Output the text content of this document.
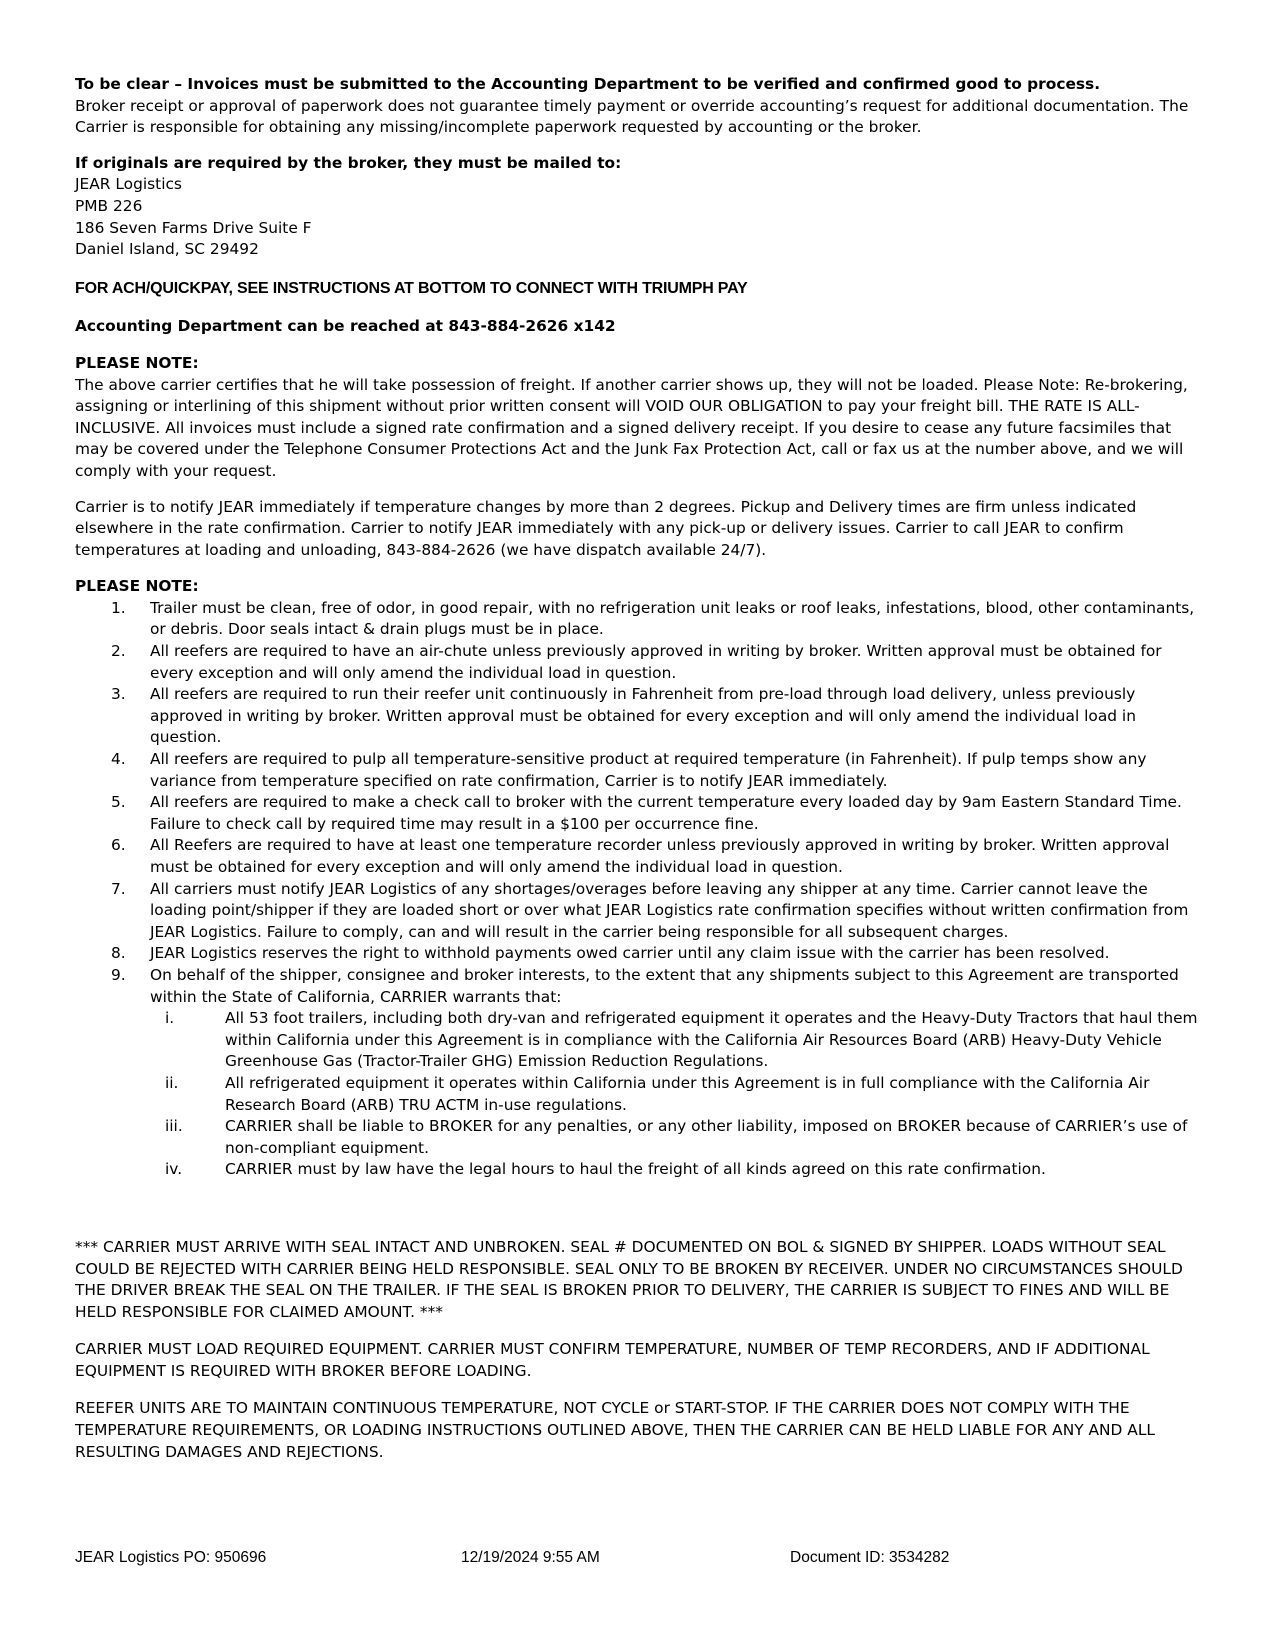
To be clear – Invoices must be submitted to the Accounting Department to be verified and confirmed good to process.

Broker receipt or approval of paperwork does not guarantee timely payment or override accounting’s request for additional documentation. The Carrier is responsible for obtaining any missing/incomplete paperwork requested by accounting or the broker.

If originals are required by the broker, they must be mailed to:

JEAR Logistics

PMB 226

186 Seven Farms Drive Suite F

Daniel Island, SC 29492

FOR ACH/QUICKPAY, SEE INSTRUCTIONS AT BOTTOM TO CONNECT WITH TRIUMPH PAY

Accounting Department can be reached at 843-884-2626 x142

PLEASE NOTE:

The above carrier certifies that he will take possession of freight. If another carrier shows up, they will not be loaded. Please Note: Re-brokering, assigning or interlining of this shipment without prior written consent will VOID OUR OBLIGATION to pay your freight bill. THE RATE IS ALL-INCLUSIVE. All invoices must include a signed rate confirmation and a signed delivery receipt. If you desire to cease any future facsimiles that may be covered under the Telephone Consumer Protections Act and the Junk Fax Protection Act, call or fax us at the number above, and we will comply with your request.

Carrier is to notify JEAR immediately if temperature changes by more than 2 degrees. Pickup and Delivery times are firm unless indicated elsewhere in the rate confirmation. Carrier to notify JEAR immediately with any pick-up or delivery issues. Carrier to call JEAR to confirm temperatures at loading and unloading, 843-884-2626 (we have dispatch available 24/7).

PLEASE NOTE:

1. Trailer must be clean, free of odor, in good repair, with no refrigeration unit leaks or roof leaks, infestations, blood, other contaminants, or debris. Door seals intact & drain plugs must be in place.
2. All reefers are required to have an air-chute unless previously approved in writing by broker. Written approval must be obtained for every exception and will only amend the individual load in question.
3. All reefers are required to run their reefer unit continuously in Fahrenheit from pre-load through load delivery, unless previously approved in writing by broker. Written approval must be obtained for every exception and will only amend the individual load in question.
4. All reefers are required to pulp all temperature-sensitive product at required temperature (in Fahrenheit). If pulp temps show any variance from temperature specified on rate confirmation, Carrier is to notify JEAR immediately.
5. All reefers are required to make a check call to broker with the current temperature every loaded day by 9am Eastern Standard Time. Failure to check call by required time may result in a $100 per occurrence fine.
6. All Reefers are required to have at least one temperature recorder unless previously approved in writing by broker. Written approval must be obtained for every exception and will only amend the individual load in question.
7. All carriers must notify JEAR Logistics of any shortages/overages before leaving any shipper at any time. Carrier cannot leave the loading point/shipper if they are loaded short or over what JEAR Logistics rate confirmation specifies without written confirmation from JEAR Logistics. Failure to comply, can and will result in the carrier being responsible for all subsequent charges.
8. JEAR Logistics reserves the right to withhold payments owed carrier until any claim issue with the carrier has been resolved.
9. On behalf of the shipper, consignee and broker interests, to the extent that any shipments subject to this Agreement are transported within the State of California, CARRIER warrants that:
i.	All 53 foot trailers, including both dry-van and refrigerated equipment it operates and the Heavy-Duty Tractors that haul them within California under this Agreement is in compliance with the California Air Resources Board (ARB) Heavy-Duty Vehicle Greenhouse Gas (Tractor-Trailer GHG) Emission Reduction Regulations.
ii.	All refrigerated equipment it operates within California under this Agreement is in full compliance with the California Air Research Board (ARB) TRU ACTM in-use regulations.
iii.	CARRIER shall be liable to BROKER for any penalties, or any other liability, imposed on BROKER because of CARRIER’s use of non-compliant equipment.
iv.	CARRIER must by law have the legal hours to haul the freight of all kinds agreed on this rate confirmation.

*** CARRIER MUST ARRIVE WITH SEAL INTACT AND UNBROKEN. SEAL # DOCUMENTED ON BOL & SIGNED BY SHIPPER. LOADS WITHOUT SEAL COULD BE REJECTED WITH CARRIER BEING HELD RESPONSIBLE. SEAL ONLY TO BE BROKEN BY RECEIVER. UNDER NO CIRCUMSTANCES SHOULD THE DRIVER BREAK THE SEAL ON THE TRAILER. IF THE SEAL IS BROKEN PRIOR TO DELIVERY, THE CARRIER IS SUBJECT TO FINES AND WILL BE HELD RESPONSIBLE FOR CLAIMED AMOUNT. ***

CARRIER MUST LOAD REQUIRED EQUIPMENT. CARRIER MUST CONFIRM TEMPERATURE, NUMBER OF TEMP RECORDERS, AND IF ADDITIONAL EQUIPMENT IS REQUIRED WITH BROKER BEFORE LOADING.

REEFER UNITS ARE TO MAINTAIN CONTINUOUS TEMPERATURE, NOT CYCLE or START-STOP. IF THE CARRIER DOES NOT COMPLY WITH THE TEMPERATURE REQUIREMENTS, OR LOADING INSTRUCTIONS OUTLINED ABOVE, THEN THE CARRIER CAN BE HELD LIABLE FOR ANY AND ALL RESULTING DAMAGES AND REJECTIONS.

JEAR Logistics PO: 950696	12/19/2024 9:55 AM	Document ID: 3534282
